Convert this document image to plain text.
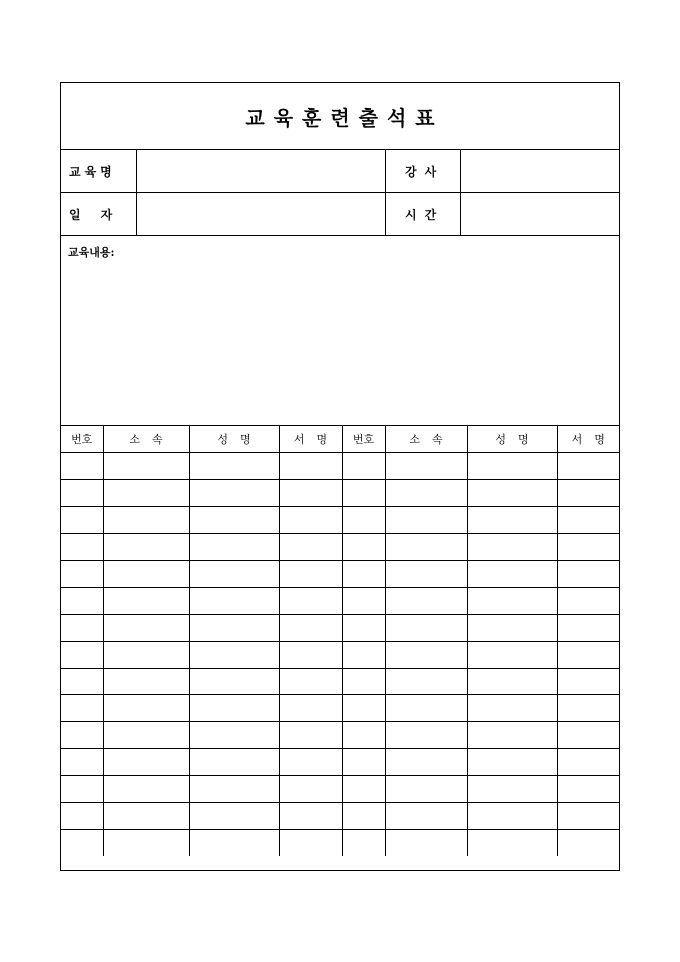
교육훈련출석표
교육명	강사
일자	시간
교육내용:
번호	소속	성명	서명	번호	소속	성명	서명
